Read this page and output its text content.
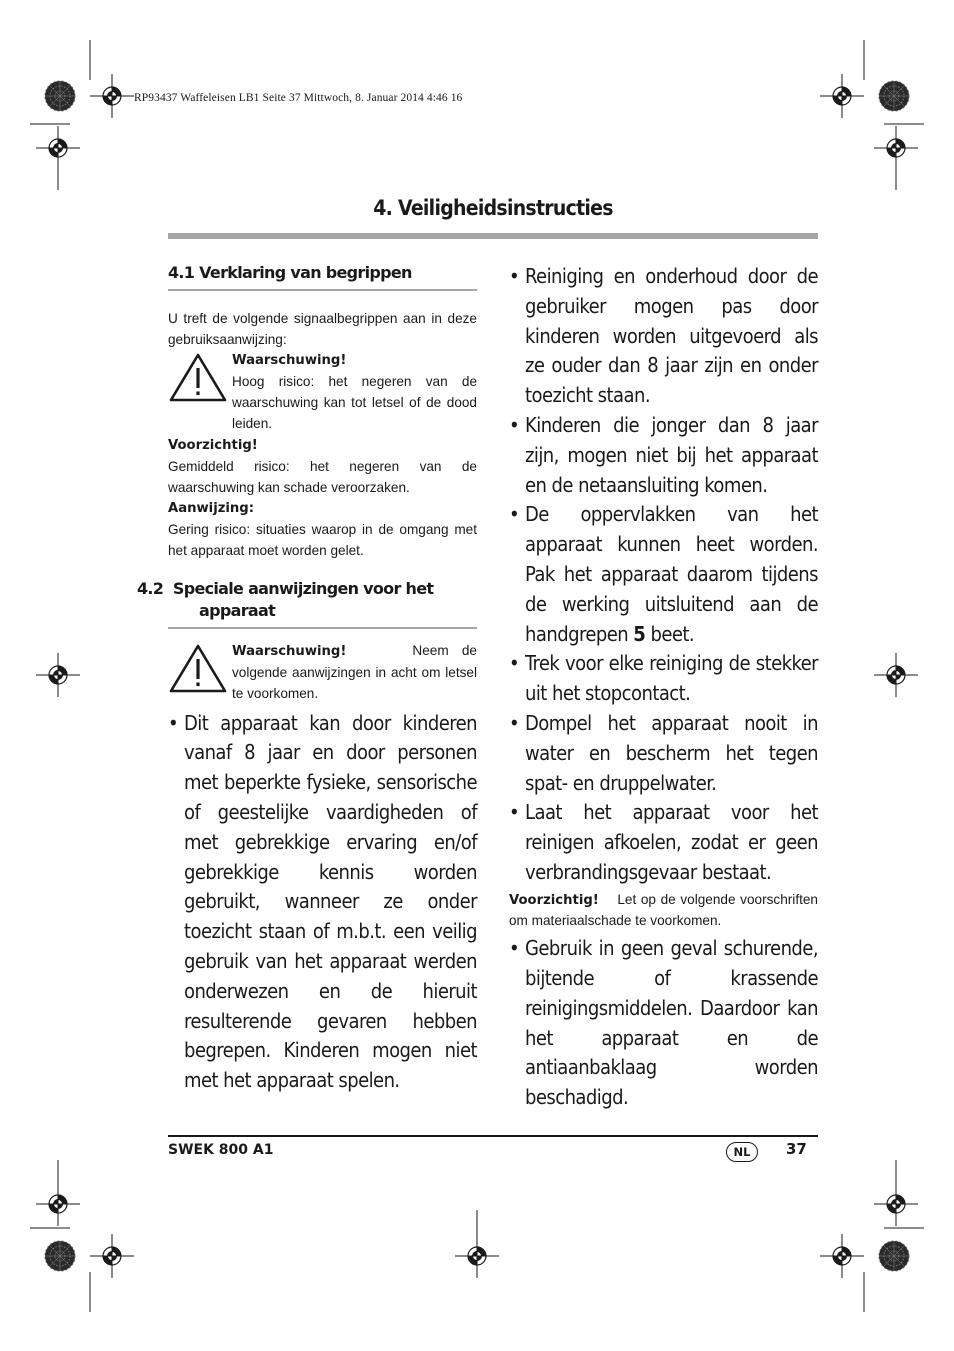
RP93437 Waffeleisen LB1 Seite 37 Mittwoch, 8. Januar 2014 4:46 16
4. Veiligheidsinstructies
4.1 Verklaring van begrippen

U treft de volgende signaalbegrippen aan in deze gebruiksaanwijzing:

Waarschuwing!

Hoog risico: het negeren van de waarschuwing kan tot letsel of de dood leiden.

Voorzichtig!

Gemiddeld risico: het negeren van de waarschuwing kan schade veroorzaken.

Aanwijzing:

Gering risico: situaties waarop in de omgang met het apparaat moet worden gelet.

4.2 Speciale aanwijzingen voor het apparaat

Waarschuwing!	Neem de volgende aanwijzingen in acht om letsel te voorkomen.

• Dit apparaat kan door kinderen vanaf 8 jaar en door personen met beperkte fysieke, sensorische of geestelijke vaardigheden of met gebrekkige ervaring en/of gebrekkige kennis worden gebruikt, wanneer ze onder toezicht staan of m.b.t. een veilig gebruik van het apparaat werden onderwezen en de hieruit resulterende gevaren hebben begrepen. Kinderen mogen niet met het apparaat spelen.
• Reiniging en onderhoud door de gebruiker mogen pas door kinderen worden uitgevoerd als ze ouder dan 8 jaar zijn en onder toezicht staan.
• Kinderen die jonger dan 8 jaar zijn, mogen niet bij het apparaat en de netaansluiting komen.
• De oppervlakken van het apparaat kunnen heet worden. Pak het apparaat daarom tijdens de werking uitsluitend aan de handgrepen 5 beet.
• Trek voor elke reiniging de stekker uit het stopcontact.
• Dompel het apparaat nooit in water en bescherm het tegen spat- en druppelwater.
• Laat het apparaat voor het reinigen afkoelen, zodat er geen verbrandingsgevaar bestaat.

Voorzichtig! Let op de volgende voorschriften om materiaalschade te voorkomen.

• Gebruik in geen geval schurende, bijtende of krassende reinigingsmiddelen. Daardoor kan het apparaat en de antiaanbaklaag worden beschadigd.
SWEK 800 A1	NL	37
